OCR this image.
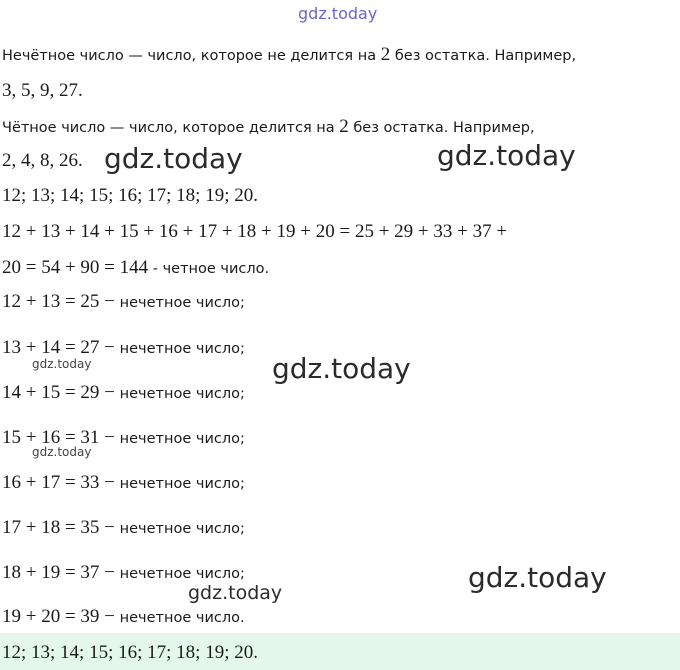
gdz.today
Нечётное число — число, которое не делится на 2 без остатка. Например,
3, 5, 9, 27.
Чётное число — число, которое делится на 2 без остатка. Например,
2, 4, 8, 26. gdz.today	gdz.today
12; 13; 14; 15; 16; 17; 18; 19; 20.
12 + 13 + 14 + 15 + 16 + 17 + 18 + 19 + 20 = 25 + 29 + 33 + 37 +
20 = 54 + 90 = 144 - четное число.
12 + 13 = 25 − нечетное число;
13 + 14 = 27 − нечетное число;
14 + 15 = 29 − нечетное число;
15 + 16 = 31 − нечетное число;
16 + 17 = 33 − нечетное число;
17 + 18 = 35 − нечетное число;
18 + 19 = 37 − нечетное число;
19 + 20 = 39 − нечетное число.
gdz.today	gdz.today
gdz.today
gdz.today
gdz.today
12; 13; 14; 15; 16; 17; 18; 19; 20.
